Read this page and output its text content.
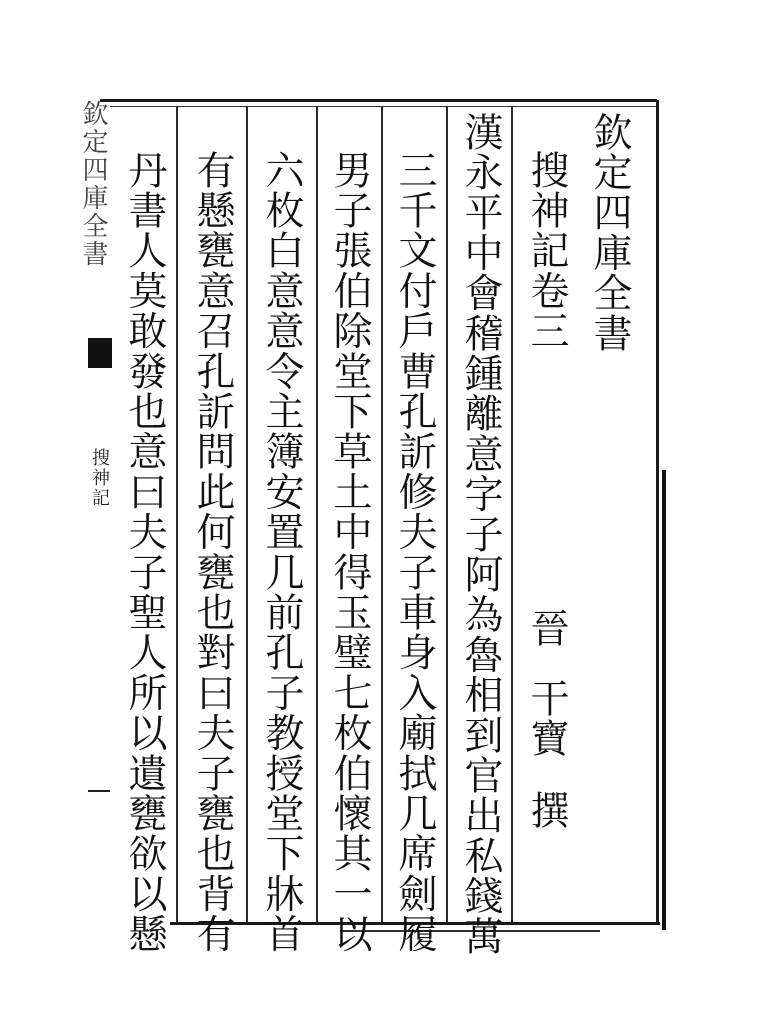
欽定四庫全書
搜神記
欽定四庫全書
搜神記卷三
晉
干寶
撰
漢永平中會稽鍾離意字子阿為魯相到官出私錢萬
三千文付戶曹孔訢修夫子車身入廟拭几席劍履
男子張伯除堂下草土中得玉璧七枚伯懷其一以
六枚白意意令主簿安置几前孔子教授堂下牀首
有懸甕意召孔訢問此何甕也對曰夫子甕也背有
丹書人莫敢發也意曰夫子聖人所以遺甕欲以懸
